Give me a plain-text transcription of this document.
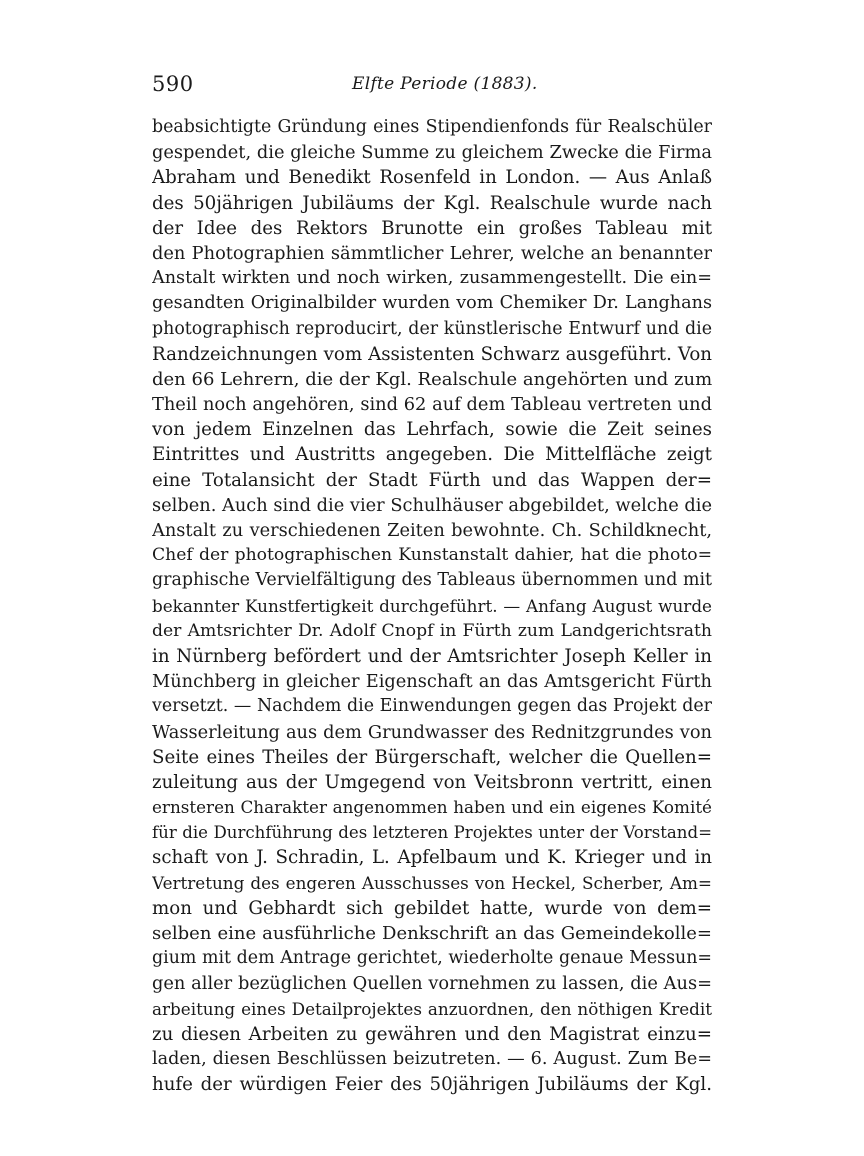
590	Elfte Periode (1883).
beabsichtigte Gründung eines Stipendienfonds für Realschüler
gespendet, die gleiche Summe zu gleichem Zwecke die Firma
Abraham und Benedikt Rosenfeld in London. — Aus Anlaß
des 50jährigen Jubiläums der Kgl. Realschule wurde nach
der Idee des Rektors Brunotte ein großes Tableau mit
den Photographien sämmtlicher Lehrer, welche an benannter
Anstalt wirkten und noch wirken, zusammengestellt. Die ein=
gesandten Originalbilder wurden vom Chemiker Dr. Langhans
photographisch reproducirt, der künstlerische Entwurf und die
Randzeichnungen vom Assistenten Schwarz ausgeführt. Von
den 66 Lehrern, die der Kgl. Realschule angehörten und zum
Theil noch angehören, sind 62 auf dem Tableau vertreten und
von jedem Einzelnen das Lehrfach, sowie die Zeit seines
Eintrittes und Austritts angegeben. Die Mittelfläche zeigt
eine Totalansicht der Stadt Fürth und das Wappen der=
selben. Auch sind die vier Schulhäuser abgebildet, welche die
Anstalt zu verschiedenen Zeiten bewohnte. Ch. Schildknecht,
Chef der photographischen Kunstanstalt dahier, hat die photo=
graphische Vervielfältigung des Tableaus übernommen und mit
bekannter Kunstfertigkeit durchgeführt. — Anfang August wurde
der Amtsrichter Dr. Adolf Cnopf in Fürth zum Landgerichtsrath
in Nürnberg befördert und der Amtsrichter Joseph Keller in
Münchberg in gleicher Eigenschaft an das Amtsgericht Fürth
versetzt. — Nachdem die Einwendungen gegen das Projekt der
Wasserleitung aus dem Grundwasser des Rednitzgrundes von
Seite eines Theiles der Bürgerschaft, welcher die Quellen=
zuleitung aus der Umgegend von Veitsbronn vertritt, einen
ernsteren Charakter angenommen haben und ein eigenes Komité
für die Durchführung des letzteren Projektes unter der Vorstand=
schaft von J. Schradin, L. Apfelbaum und K. Krieger und in
Vertretung des engeren Ausschusses von Heckel, Scherber, Am=
mon und Gebhardt sich gebildet hatte, wurde von dem=
selben eine ausführliche Denkschrift an das Gemeindekolle=
gium mit dem Antrage gerichtet, wiederholte genaue Messun=
gen aller bezüglichen Quellen vornehmen zu lassen, die Aus=
arbeitung eines Detailprojektes anzuordnen, den nöthigen Kredit
zu diesen Arbeiten zu gewähren und den Magistrat einzu=
laden, diesen Beschlüssen beizutreten. — 6. August. Zum Be=
hufe der würdigen Feier des 50jährigen Jubiläums der Kgl.
